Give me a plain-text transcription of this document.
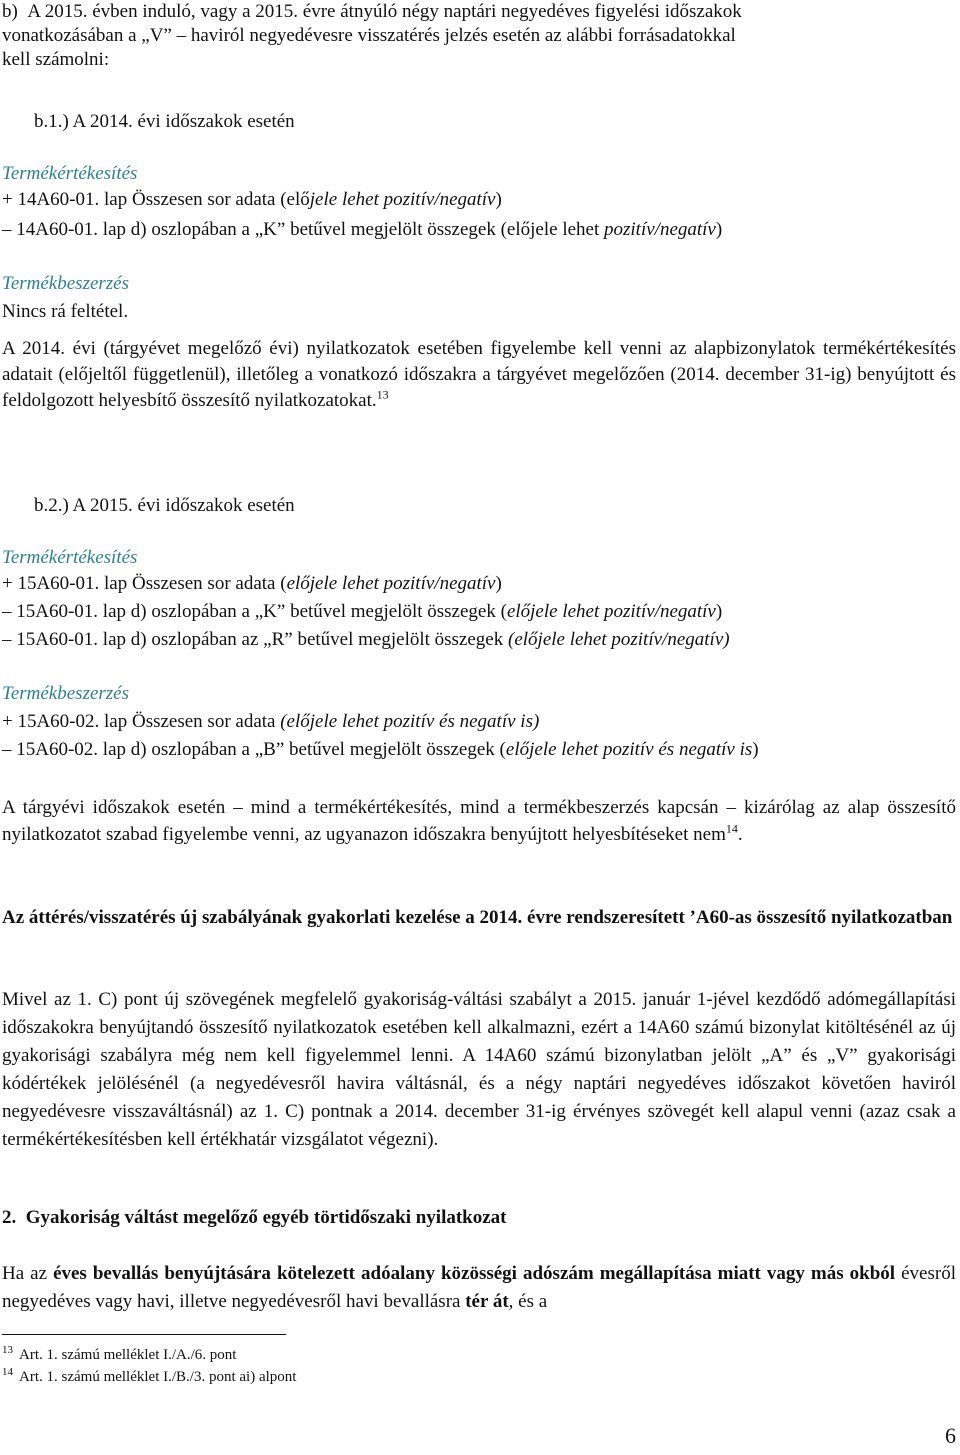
b)  A 2015. évben induló, vagy a 2015. évre átnyúló négy naptári negyedéves figyelési időszakok
vonatkozásában a „V” – haviról negyedévesre visszatérés jelzés esetén az alábbi forrásadatokkal
kell számolni:
b.1.) A 2014. évi időszakok esetén
Termékértékesítés
+ 14A60-01. lap Összesen sor adata (előjele lehet pozitív/negatív)
– 14A60-01. lap d) oszlopában a „K” betűvel megjelölt összegek (előjele lehet pozitív/negatív)
Termékbeszerzés
Nincs rá feltétel.
A 2014. évi (tárgyévet megelőző évi) nyilatkozatok esetében figyelembe kell venni az alapbizonylatok termékértékesítés adatait (előjeltől függetlenül), illetőleg a vonatkozó időszakra a tárgyévet megelőzően (2014. december 31-ig) benyújtott és feldolgozott helyesbítő összesítő nyilatkozatokat.$^{13}$
b.2.) A 2015. évi időszakok esetén
Termékértékesítés
+ 15A60-01. lap Összesen sor adata (előjele lehet pozitív/negatív)
– 15A60-01. lap d) oszlopában a „K” betűvel megjelölt összegek (előjele lehet pozitív/negatív)
– 15A60-01. lap d) oszlopában az „R” betűvel megjelölt összegek (előjele lehet pozitív/negatív)
Termékbeszerzés
+ 15A60-02. lap Összesen sor adata (előjele lehet pozitív és negatív is)
– 15A60-02. lap d) oszlopában a „B” betűvel megjelölt összegek (előjele lehet pozitív és negatív is)
A tárgyévi időszakok esetén – mind a termékértékesítés, mind a termékbeszerzés kapcsán – kizárólag az alap összesítő nyilatkozatot szabad figyelembe venni, az ugyanazon időszakra benyújtott helyesbítéseket nem$^{14}$.
Az áttérés/visszatérés új szabályának gyakorlati kezelése a 2014. évre rendszeresített ’A60-as összesítő nyilatkozatban
Mivel az 1. C) pont új szövegének megfelelő gyakoriság-váltási szabályt a 2015. január 1-jével kezdődő adómegállapítási időszakokra benyújtandó összesítő nyilatkozatok esetében kell alkalmazni, ezért a 14A60 számú bizonylat kitöltésénél az új gyakorisági szabályra még nem kell figyelemmel lenni. A 14A60 számú bizonylatban jelölt „A” és „V” gyakorisági kódértékek jelölésénél (a negyedévesről havira váltásnál, és a négy naptári negyedéves időszakot követően haviról negyedévesre visszaváltásnál) az 1. C) pontnak a 2014. december 31-ig érvényes szövegét kell alapul venni (azaz csak a termékértékesítésben kell értékhatár vizsgálatot végezni).
2.  Gyakoriság váltást megelőző egyéb törtidőszaki nyilatkozat
Ha az éves bevallás benyújtására kötelezett adóalany közösségi adószám megállapítása miatt vagy más okból évesről negyedéves vagy havi, illetve negyedévesről havi bevallásra tér át, és a
$^{13}$ Art. 1. számú melléklet I./A./6. pont
$^{14}$ Art. 1. számú melléklet I./B./3. pont ai) alpont
6
